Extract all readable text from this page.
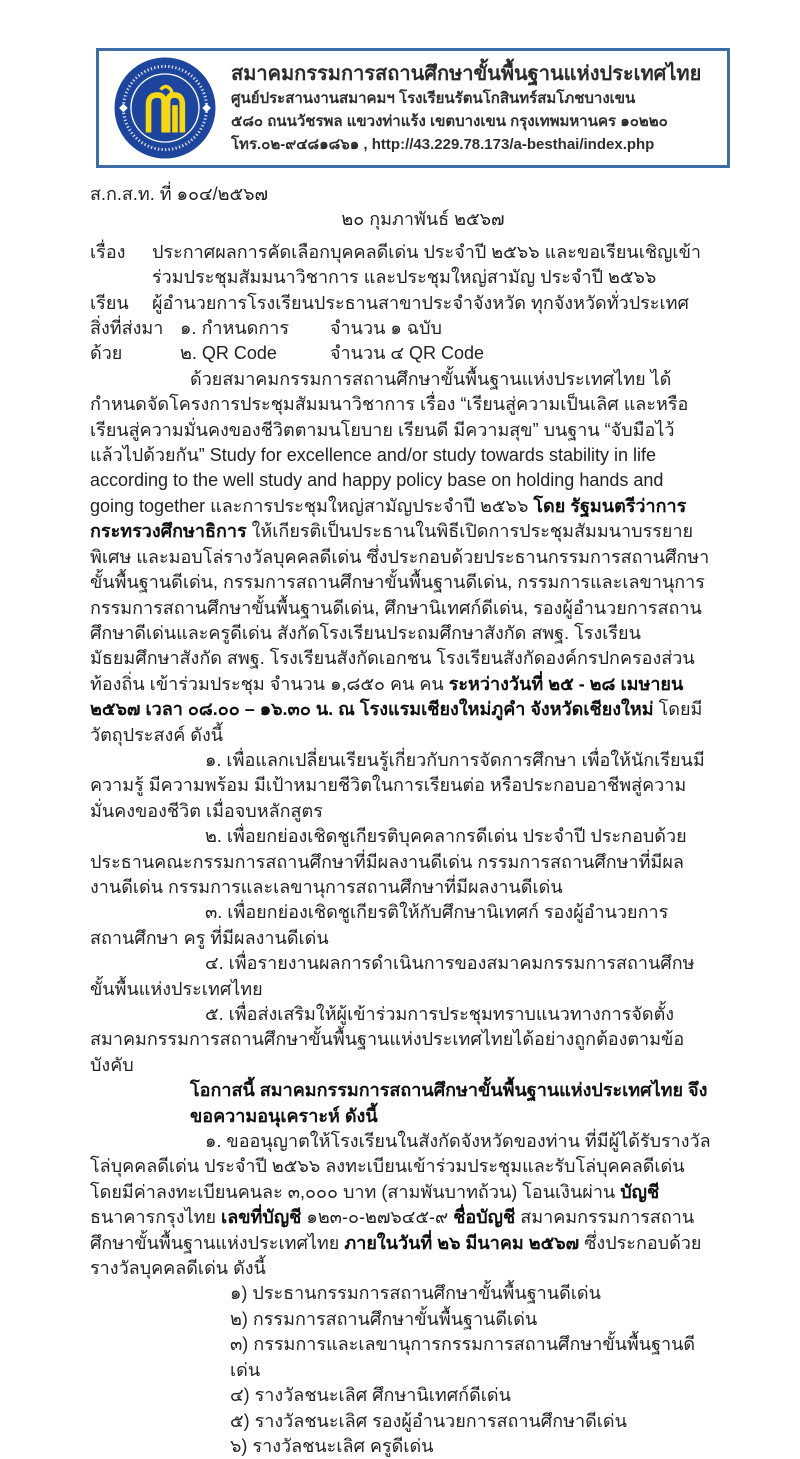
สมาคมกรรมการสถานศึกษาขั้นพื้นฐานแห่งประเทศไทย
ศูนย์ประสานงานสมาคมฯ โรงเรียนรัตนโกสินทร์สมโภชบางเขน
๕๘๐ ถนนวัชรพล แขวงท่าแร้ง เขตบางเขน กรุงเทพมหานคร ๑๐๒๒๐
โทร.๐๒-๙๔๘๑๘๖๑ , http://43.229.78.173/a-besthai/index.php
ส.ก.ส.ท. ที่ ๑๐๔/๒๕๖๗
๒๐ กุมภาพันธ์ ๒๕๖๗
เรื่อง	ประกาศผลการคัดเลือกบุคคลดีเด่น ประจำปี ๒๕๖๖ และขอเรียนเชิญเข้าร่วมประชุมสัมมนาวิชาการ และประชุมใหญ่สามัญ ประจำปี ๒๕๖๖
เรียน	ผู้อำนวยการโรงเรียนประธานสาขาประจำจังหวัด ทุกจังหวัดทั่วประเทศ
สิ่งที่ส่งมาด้วย
๑. กำหนดการ	จำนวน ๑ ฉบับ
๒. QR Code	จำนวน ๔ QR Code

ด้วยสมาคมกรรมการสถานศึกษาขั้นพื้นฐานแห่งประเทศไทย ได้กำหนดจัดโครงการประชุมสัมมนาวิชาการ เรื่อง “เรียนสู่ความเป็นเลิศ และหรือเรียนสู่ความมั่นคงของชีวิตตามนโยบาย เรียนดี มีความสุข” บนฐาน “จับมือไว้แล้วไปด้วยกัน” Study for excellence and/or study towards stability in life according to the well study and happy policy base on holding hands and going together และการประชุมใหญ่สามัญประจำปี ๒๕๖๖ โดย รัฐมนตรีว่าการกระทรวงศึกษาธิการ ให้เกียรติเป็นประธานในพิธีเปิดการประชุมสัมมนาบรรยายพิเศษ และมอบโล่รางวัลบุคคลดีเด่น ซึ่งประกอบด้วยประธานกรรมการสถานศึกษาขั้นพื้นฐานดีเด่น, กรรมการสถานศึกษาขั้นพื้นฐานดีเด่น, กรรมการและเลขานุการกรรมการสถานศึกษาขั้นพื้นฐานดีเด่น, ศึกษานิเทศก์ดีเด่น, รองผู้อำนวยการสถานศึกษาดีเด่นและครูดีเด่น สังกัดโรงเรียนประถมศึกษาสังกัด สพฐ. โรงเรียนมัธยมศึกษาสังกัด สพฐ. โรงเรียนสังกัดเอกชน โรงเรียนสังกัดองค์กรปกครองส่วนท้องถิ่น เข้าร่วมประชุม จำนวน ๑,๘๕๐ คน คน ระหว่างวันที่ ๒๕ - ๒๘ เมษายน ๒๕๖๗ เวลา ๐๘.๐๐ – ๑๖.๓๐ น. ณ โรงแรมเชียงใหม่ภูคำ จังหวัดเชียงใหม่ โดยมีวัตถุประสงค์ ดังนี้

๑. เพื่อแลกเปลี่ยนเรียนรู้เกี่ยวกับการจัดการศึกษา เพื่อให้นักเรียนมีความรู้ มีความพร้อม มีเป้าหมายชีวิตในการเรียนต่อ หรือประกอบอาชีพสู่ความมั่นคงของชีวิต เมื่อจบหลักสูตร

๒. เพื่อยกย่องเชิดชูเกียรติบุคคลากรดีเด่น ประจำปี ประกอบด้วยประธานคณะกรรมการสถานศึกษาที่มีผลงานดีเด่น กรรมการสถานศึกษาที่มีผลงานดีเด่น กรรมการและเลขานุการสถานศึกษาที่มีผลงานดีเด่น

๓. เพื่อยกย่องเชิดชูเกียรติให้กับศึกษานิเทศก์ รองผู้อำนวยการสถานศึกษา ครู ที่มีผลงานดีเด่น

๔. เพื่อรายงานผลการดำเนินการของสมาคมกรรมการสถานศึกษขั้นพื้นแห่งประเทศไทย

๕. เพื่อส่งเสริมให้ผู้เข้าร่วมการประชุมทราบแนวทางการจัดตั้งสมาคมกรรมการสถานศึกษาขั้นพื้นฐานแห่งประเทศไทยได้อย่างถูกต้องตามข้อบังคับ

โอกาสนี้ สมาคมกรรมการสถานศึกษาขั้นพื้นฐานแห่งประเทศไทย จึงขอความอนุเคราะห์ ดังนี้

๑. ขออนุญาตให้โรงเรียนในสังกัดจังหวัดของท่าน ที่มีผู้ได้รับรางวัลโล่บุคคลดีเด่น ประจำปี ๒๕๖๖ ลงทะเบียนเข้าร่วมประชุมและรับโล่บุคคลดีเด่น โดยมีค่าลงทะเบียนคนละ ๓,๐๐๐ บาท (สามพันบาทถ้วน) โอนเงินผ่าน บัญชี ธนาคารกรุงไทย เลขที่บัญชี ๑๒๓-๐-๒๗๖๔๕-๙ ชื่อบัญชี สมาคมกรรมการสถานศึกษาขั้นพื้นฐานแห่งประเทศไทย ภายในวันที่ ๒๖ มีนาคม ๒๕๖๗ ซึ่งประกอบด้วย รางวัลบุคคลดีเด่น ดังนี้

๑) ประธานกรรมการสถานศึกษาขั้นพื้นฐานดีเด่น

๒) กรรมการสถานศึกษาขั้นพื้นฐานดีเด่น

๓) กรรมการและเลขานุการกรรมการสถานศึกษาขั้นพื้นฐานดีเด่น

๔) รางวัลชนะเลิศ ศึกษานิเทศก์ดีเด่น

๕) รางวัลชนะเลิศ รองผู้อำนวยการสถานศึกษาดีเด่น

๖) รางวัลชนะเลิศ ครูดีเด่น
